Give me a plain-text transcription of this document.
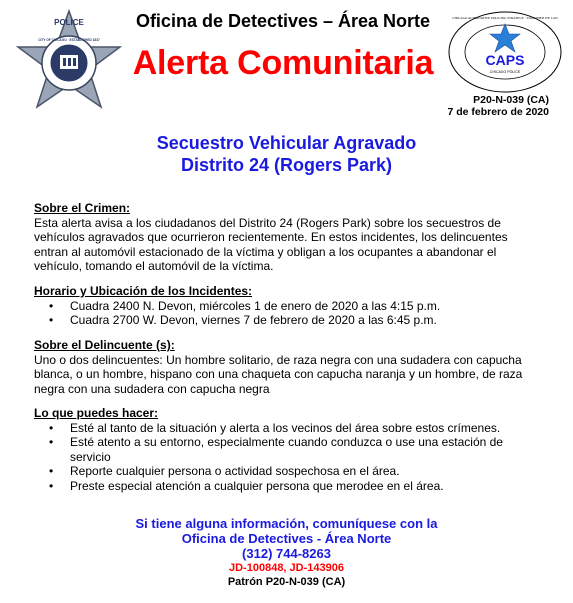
POLICE
CITY OF CHICAGO · ESTABLISHED 1837
Oficina de Detectives – Área Norte
Alerta Comunitaria
CHICAGO ALTERNATIVE POLICING STRATEGY · TOGETHER WE CAN
CAPS
CHICAGO POLICE
P20-N-039 (CA)
7 de febrero de 2020
Secuestro Vehicular Agravado
Distrito 24 (Rogers Park)
Sobre el Crimen:

Esta alerta avisa a los ciudadanos del Distrito 24 (Rogers Park) sobre los secuestros de vehículos agravados que ocurrieron recientemente. En estos incidentes, los delincuentes entran al automóvil estacionado de la víctima y obligan a los ocupantes a abandonar el vehículo, tomando el automóvil de la víctima.

Horario y Ubicación de los Incidentes:
• Cuadra 2400 N. Devon, miércoles 1 de enero de 2020 a las 4:15 p.m.
• Cuadra 2700 W. Devon, viernes 7 de febrero de 2020 a las 6:45 p.m.
Sobre el Delincuente (s):

Uno o dos delincuentes: Un hombre solitario, de raza negra con una sudadera con capucha blanca, o un hombre, hispano con una chaqueta con capucha naranja y un hombre, de raza negra con una sudadera con capucha negra

Lo que puedes hacer:
• Esté al tanto de la situación y alerta a los vecinos del área sobre estos crímenes.
• Esté atento a su entorno, especialmente cuando conduzca o use una estación de servicio
• Reporte cualquier persona o actividad sospechosa en el área.
• Preste especial atención a cualquier persona que merodee en el área.
Si tiene alguna información, comuníquese con la
Oficina de Detectives - Área Norte
(312) 744-8263
JD-100848, JD-143906
Patrón P20-N-039 (CA)
